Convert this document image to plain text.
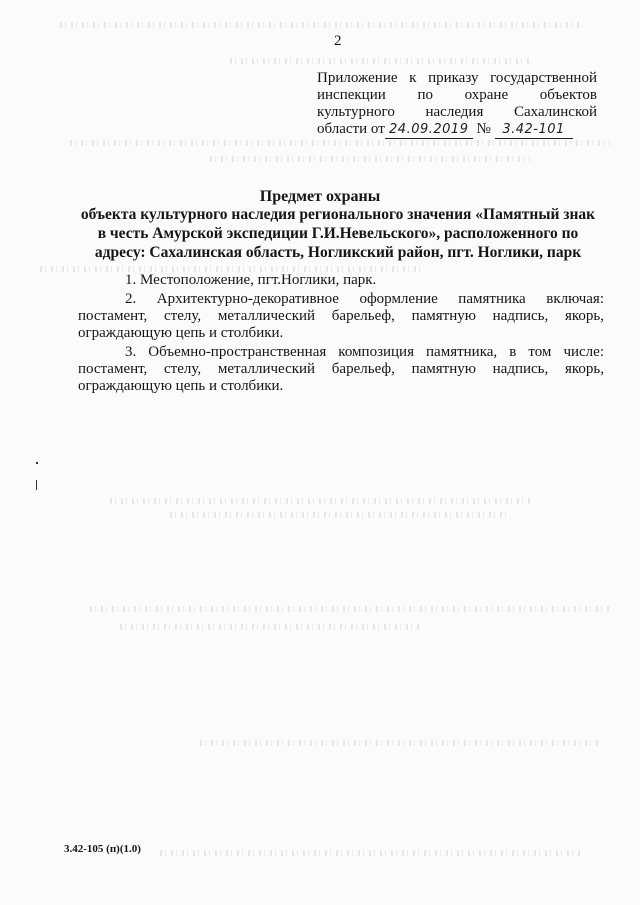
2
Приложение к приказу государственной
инспекции по охране объектов
культурного наследия Сахалинской
области от 24.09.2019 № 3.42-101
Предмет охраны
объекта культурного наследия регионального значения «Памятный знак в честь Амурской экспедиции Г.И.Невельского», расположенного по адресу: Сахалинская область, Ногликский район, пгт. Ноглики, парк

1. Местоположение, пгт.Ноглики, парк.

2. Архитектурно-декоративное оформление памятника включая: постамент, стелу, металлический барельеф, памятную надпись, якорь, ограждающую цепь и столбики.

3. Объемно-пространственная композиция памятника, в том числе: постамент, стелу, металлический барельеф, памятную надпись, якорь, ограждающую цепь и столбики.

3.42-105 (п)(1.0)
